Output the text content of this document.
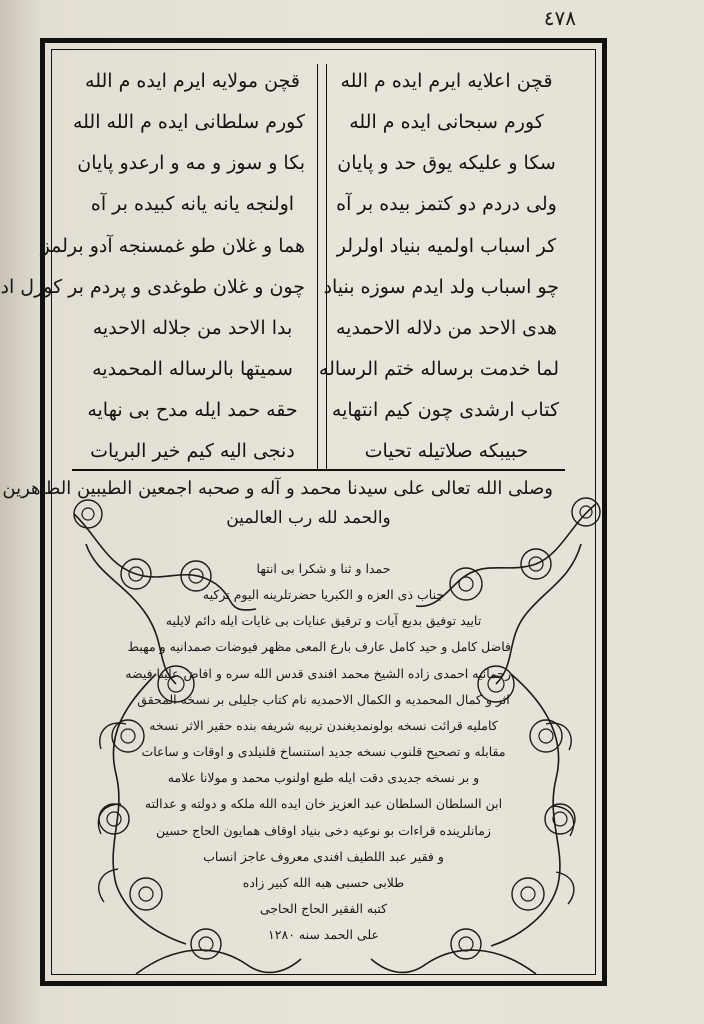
٤٧٨
قچن اعلایه ایرم ایده م الله
کورم سبحانی ایده م الله
سکا و علیکه یوق حد و پایان
ولی دردم دو کتمز بیده بر آه
کر اسباب اولمیه بنیاد اولرلر
چو اسباب ولد ایدم سوزه بنیاد
هدی الاحد من دلاله الاحمدیه
لما خدمت برساله ختم الرساله
کتاب ارشدی چون کیم انتهایه
حبیبکه صلاتیله تحیات
قچن مولایه ایرم ایده م الله
کورم سلطانی ایده م الله الله
بکا و سوز و مه و ارعدو پایان
اولنجه یانه یانه کبیده بر آه
هما و غلان طو غمسنجه آدو برلمز
چون و غلان طوغدی و پردم بر کوزل اد
بدا الاحد من جلاله الاحدیه
سمیتها بالرساله المحمدیه
حقه حمد ایله مدح بی نهایه
دنجی الیه کیم خیر البریات
وصلی الله تعالی علی سیدنا محمد و آله و صحبه اجمعین الطیبین الطاهرین
والحمد لله رب العالمین
حمدا و ثنا و شکرا بی انتها
جناب ذی العزه و الکبریا حضرتلرینه الیوم ترکیه
تایید توفیق بدیع آیات و ترقیق عنایات بی غایات ایله دائم لایلیه
فاضل کامل و حید کامل عارف بارع المعی مظهر فیوضات صمدانیه و مهبط
رحمانیه احمدی زاده الشیخ محمد افندی قدس الله سره و افاض علینا فیضه
اثر و کمال المحمدیه و الکمال الاحمدیه نام کتاب جلیلی بر نسخه المحقق
کاملیه قرائت نسخه بولونمدیغندن تربیه شریفه بنده حقیر الاثر نسخه
مقابله و تصحیح قلنوب نسخه جدید استنساخ قلنیلدی و اوقات و ساعات
و بر نسخه جدیدی دقت ایله طبع اولنوب محمد و مولانا علامه
ابن السلطان السلطان عبد العزیز خان ایده الله ملکه و دولته و عدالته
زمانلرینده قراءات بو نوعیه دخی بنیاد اوقاف همایون الحاج حسین
و فقیر عبد اللطیف افندی معروف عاجز انساب
طلابی حسبی هبه الله کبیر زاده
کتبه الفقیر الحاج الحاجی
علی الحمد سنه ١٢٨٠
